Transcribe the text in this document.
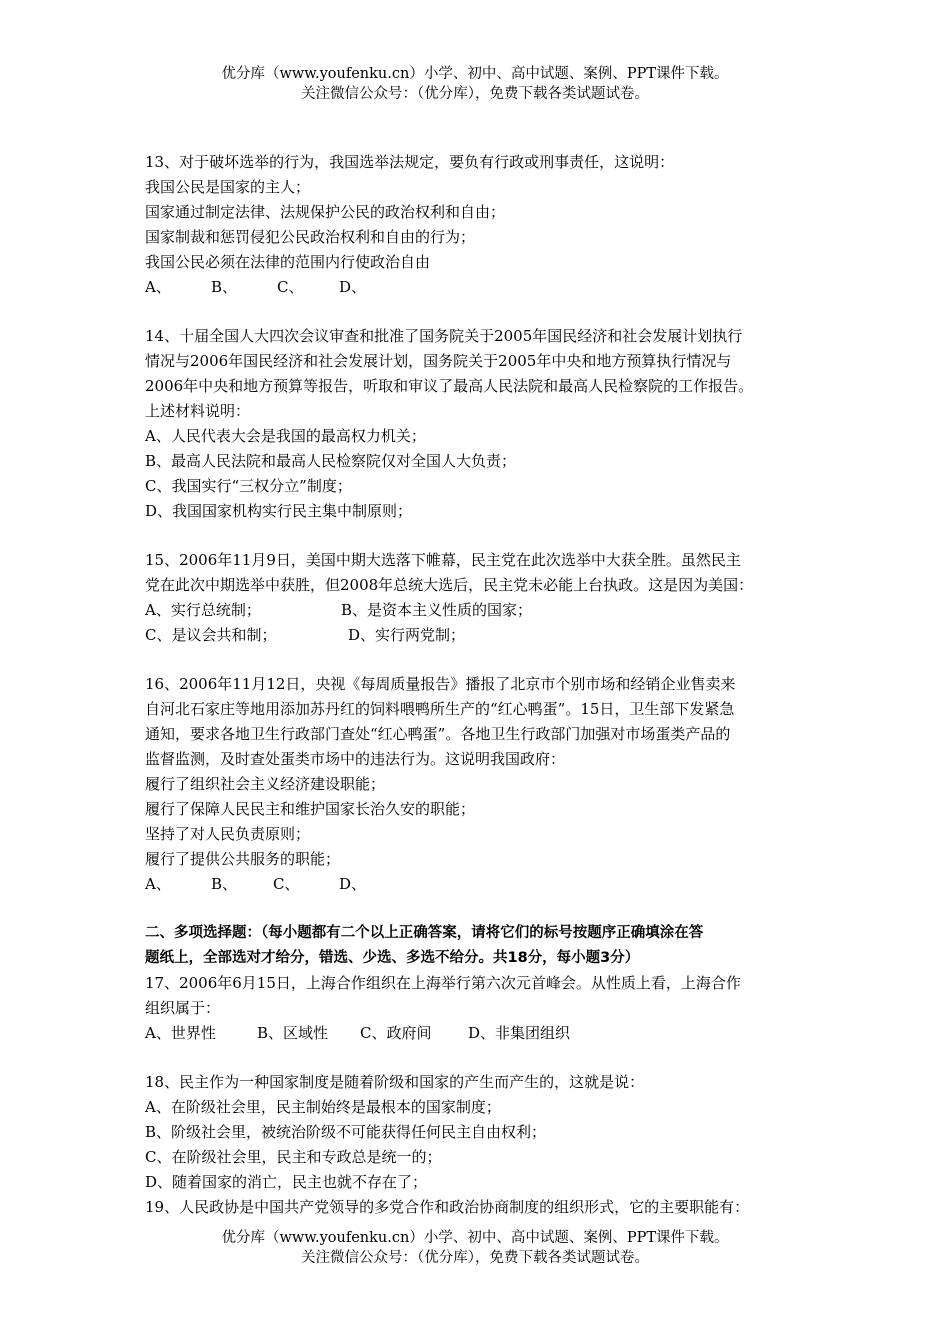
优分库（www.youfenku.cn）小学、初中、高中试题、案例、PPT课件下载。
关注微信公众号：（优分库），免费下载各类试题试卷。
13、对于破坏选举的行为，我国选举法规定，要负有行政或刑事责任，这说明：
我国公民是国家的主人；
国家通过制定法律、法规保护公民的政治权利和自由；
国家制裁和惩罚侵犯公民政治权利和自由的行为；
我国公民必须在法律的范围内行使政治自由
A、	B、	C、 D、
14、十届全国人大四次会议审查和批准了国务院关于2005年国民经济和社会发展计划执行
情况与2006年国民经济和社会发展计划，国务院关于2005年中央和地方预算执行情况与
2006年中央和地方预算等报告，听取和审议了最高人民法院和最高人民检察院的工作报告。
上述材料说明：
A、人民代表大会是我国的最高权力机关；
B、最高人民法院和最高人民检察院仅对全国人大负责；
C、我国实行“三权分立”制度；
D、我国国家机构实行民主集中制原则；
15、2006年11月9日，美国中期大选落下帷幕，民主党在此次选举中大获全胜。虽然民主
党在此次中期选举中获胜，但2008年总统大选后，民主党未必能上台执政。这是因为美国：
A、实行总统制；	B、是资本主义性质的国家；
C、是议会共和制；	D、实行两党制；
16、2006年11月12日，央视《每周质量报告》播报了北京市个别市场和经销企业售卖来
自河北石家庄等地用添加苏丹红的饲料喂鸭所生产的“红心鸭蛋”。15日，卫生部下发紧急
通知，要求各地卫生行政部门查处“红心鸭蛋”。各地卫生行政部门加强对市场蛋类产品的
监督监测，及时查处蛋类市场中的违法行为。这说明我国政府：
履行了组织社会主义经济建设职能；
履行了保障人民民主和维护国家长治久安的职能；
坚持了对人民负责原则；
履行了提供公共服务的职能；
A、	B、 C、	D、
二、多项选择题：（每小题都有二个以上正确答案，请将它们的标号按题序正确填涂在答
题纸上，全部选对才给分，错选、少选、多选不给分。共18分，每小题3分）
17、2006年6月15日，上海合作组织在上海举行第六次元首峰会。从性质上看，上海合作
组织属于：
A、世界性	B、区域性 C、政府间 D、非集团组织
18、民主作为一种国家制度是随着阶级和国家的产生而产生的，这就是说：
A、在阶级社会里，民主制始终是最根本的国家制度；
B、阶级社会里，被统治阶级不可能获得任何民主自由权利；
C、在阶级社会里，民主和专政总是统一的；
D、随着国家的消亡，民主也就不存在了；
19、人民政协是中国共产党领导的多党合作和政治协商制度的组织形式，它的主要职能有：
优分库（www.youfenku.cn）小学、初中、高中试题、案例、PPT课件下载。
关注微信公众号：（优分库），免费下载各类试题试卷。
